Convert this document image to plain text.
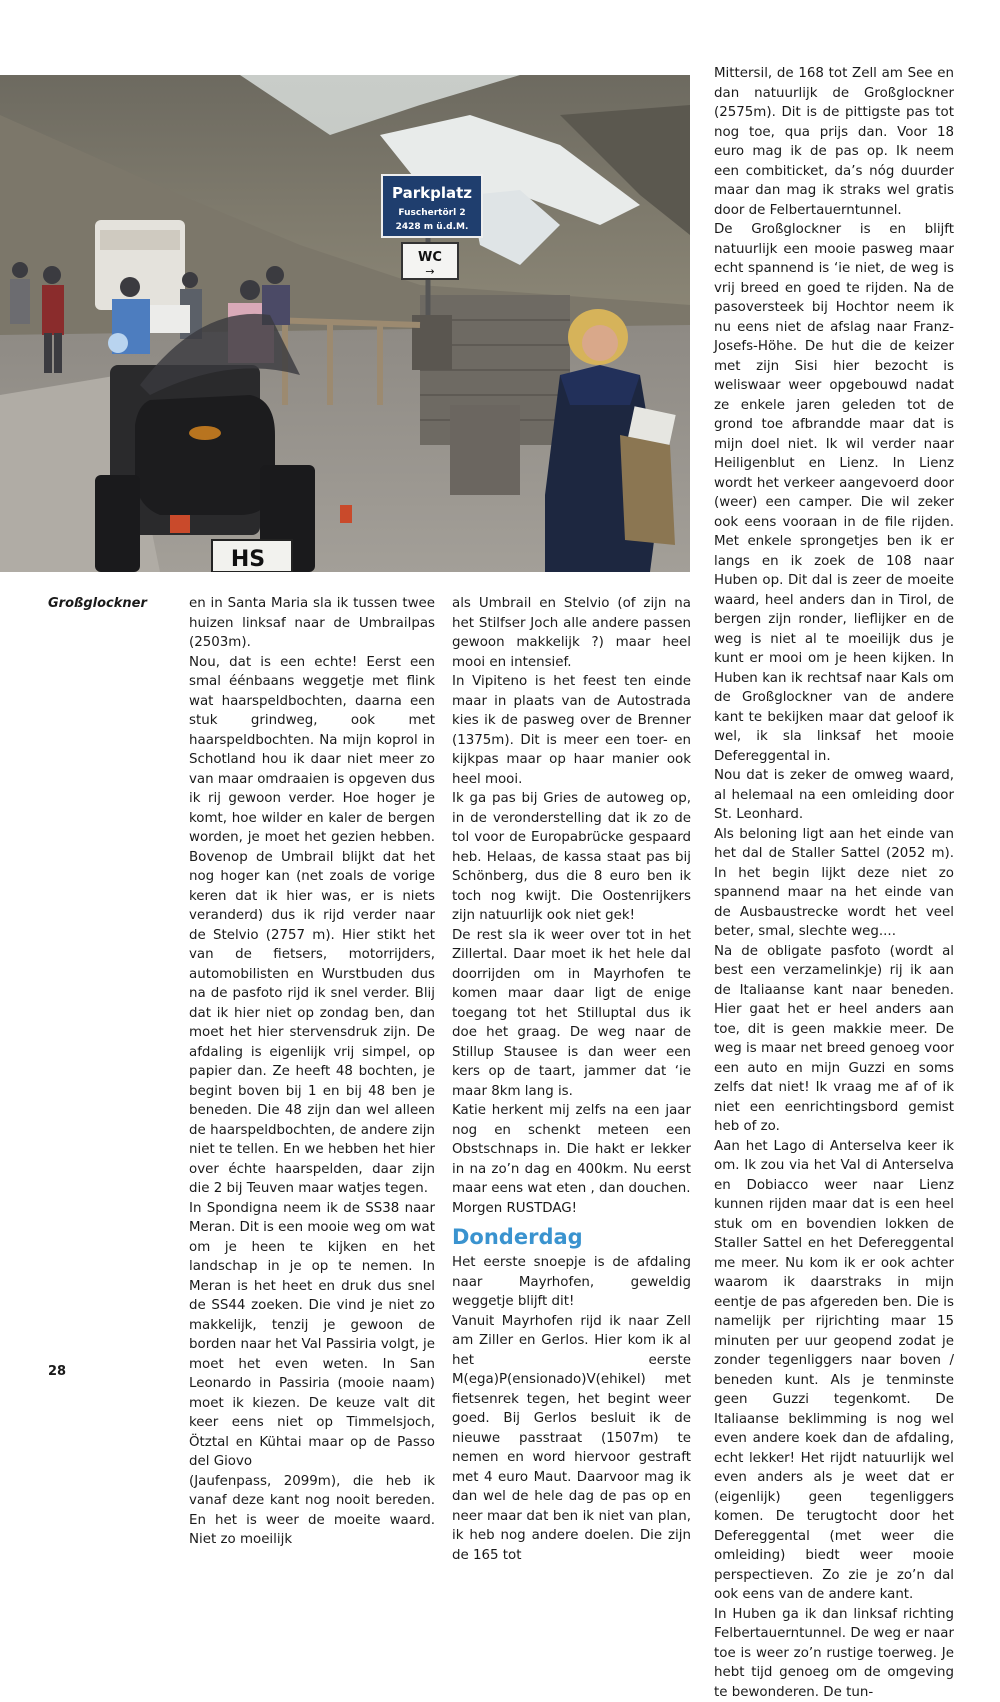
Parkplatz
Fuschertörl 2
2428 m ü.d.M.
WC
→
HS
Großglockner	en in Santa Maria sla ik tussen twee huizen linksaf naar de Umbrailpas (2503m).

Nou, dat is een echte! Eerst een smal éénbaans weggetje met flink wat haarspeldbochten, daarna een stuk grindweg, ook met haarspeldbochten. Na mijn koprol in Schotland hou ik daar niet meer zo van maar omdraaien is opgeven dus ik rij gewoon verder. Hoe hoger je komt, hoe wilder en kaler de bergen worden, je moet het gezien hebben. Bovenop de Umbrail blijkt dat het nog hoger kan (net zoals de vorige keren dat ik hier was, er is niets veranderd) dus ik rijd verder naar de Stelvio (2757 m). Hier stikt het van de fietsers, motorrijders, automobilisten en Wurstbuden dus na de pasfoto rijd ik snel verder. Blij dat ik hier niet op zondag ben, dan moet het hier stervensdruk zijn. De afdaling is eigenlijk vrij simpel, op papier dan. Ze heeft 48 bochten, je begint boven bij 1 en bij 48 ben je beneden. Die 48 zijn dan wel alleen de haarspeldbochten, de andere zijn niet te tellen. En we hebben het hier over échte haarspelden, daar zijn die 2 bij Teuven maar watjes tegen.

In Spondigna neem ik de SS38 naar Meran. Dit is een mooie weg om wat om je heen te kijken en het landschap in je op te nemen. In Meran is het heet en druk dus snel de SS44 zoeken. Die vind je niet zo makkelijk, tenzij je gewoon de borden naar het Val Passiria volgt, je moet het even weten. In San Leonardo in Passiria (mooie naam) moet ik kiezen. De keuze valt dit keer eens niet op Timmelsjoch, Ötztal en Kühtai maar op de Passo del Giovo

(Jaufenpass, 2099m), die heb ik vanaf deze kant nog nooit bereden. En het is weer de moeite waard. Niet zo moeilijk

als Umbrail en Stelvio (of zijn na het Stilfser Joch alle andere passen gewoon makkelijk ?) maar heel mooi en intensief.

In Vipiteno is het feest ten einde maar in plaats van de Autostrada kies ik de pasweg over de Brenner (1375m). Dit is meer een toer- en kijkpas maar op haar manier ook heel mooi.

Ik ga pas bij Gries de autoweg op, in de veronderstelling dat ik zo de tol voor de Europabrücke gespaard heb. Helaas, de kassa staat pas bij Schönberg, dus die 8 euro ben ik toch nog kwijt. Die Oostenrijkers zijn natuurlijk ook niet gek!

De rest sla ik weer over tot in het Zillertal. Daar moet ik het hele dal doorrijden om in Mayrhofen te komen maar daar ligt de enige toegang tot het Stilluptal dus ik doe het graag. De weg naar de Stillup Stausee is dan weer een kers op de taart, jammer dat ‘ie maar 8km lang is.

Katie herkent mij zelfs na een jaar nog en schenkt meteen een Obstschnaps in. Die hakt er lekker in na zo’n dag en 400km. Nu eerst maar eens wat eten , dan douchen.

Morgen RUSTDAG!

Donderdag

Het eerste snoepje is de afdaling naar Mayrhofen, geweldig weggetje blijft dit!

Vanuit Mayrhofen rijd ik naar Zell am Ziller en Gerlos. Hier kom ik al het eerste M(ega)P(ensionado)V(ehikel) met fietsenrek tegen, het begint weer goed. Bij Gerlos besluit ik de nieuwe passtraat (1507m) te nemen en word hiervoor gestraft met 4 euro Maut. Daarvoor mag ik dan wel de hele dag de pas op en neer maar dat ben ik niet van plan, ik heb nog andere doelen. Die zijn de 165 tot

Mittersil, de 168 tot Zell am See en dan natuurlijk de Großglockner (2575m). Dit is de pittigste pas tot nog toe, qua prijs dan. Voor 18 euro mag ik de pas op. Ik neem een combiticket, da’s nóg duurder maar dan mag ik straks wel gratis door de Felbertauerntunnel.

De Großglockner is en blijft natuurlijk een mooie pasweg maar echt spannend is ‘ie niet, de weg is vrij breed en goed te rijden. Na de pasoversteek bij Hochtor neem ik nu eens niet de afslag naar Franz-Josefs-Höhe. De hut die de keizer met zijn Sisi hier bezocht is weliswaar weer opgebouwd nadat ze enkele jaren geleden tot de grond toe afbrandde maar dat is mijn doel niet. Ik wil verder naar Heiligenblut en Lienz. In Lienz wordt het verkeer aangevoerd door (weer) een camper. Die wil zeker ook eens vooraan in de file rijden. Met enkele sprongetjes ben ik er langs en ik zoek de 108 naar Huben op. Dit dal is zeer de moeite waard, heel anders dan in Tirol, de bergen zijn ronder, lieflijker en de weg is niet al te moeilijk dus je kunt er mooi om je heen kijken. In Huben kan ik rechtsaf naar Kals om de Großglockner van de andere kant te bekijken maar dat geloof ik wel, ik sla linksaf het mooie Defereggental in.

Nou dat is zeker de omweg waard, al helemaal na een omleiding door St. Leonhard.

Als beloning ligt aan het einde van het dal de Staller Sattel (2052 m). In het begin lijkt deze niet zo spannend maar na het einde van de Ausbaustrecke wordt het veel beter, smal, slechte weg....

Na de obligate pasfoto (wordt al best een verzamelinkje) rij ik aan de Italiaanse kant naar beneden. Hier gaat het er heel anders aan toe, dit is geen makkie meer. De weg is maar net breed genoeg voor een auto en mijn Guzzi en soms zelfs dat niet! Ik vraag me af of ik niet een eenrichtingsbord gemist heb of zo.

Aan het Lago di Anterselva keer ik om. Ik zou via het Val di Anterselva en Dobiacco weer naar Lienz kunnen rijden maar dat is een heel stuk om en bovendien lokken de Staller Sattel en het Defereggental me meer. Nu kom ik er ook achter waarom ik daarstraks in mijn eentje de pas afgereden ben. Die is namelijk per rijrichting maar 15 minuten per uur geopend zodat je zonder tegenliggers naar boven / beneden kunt. Als je tenminste geen Guzzi tegenkomt. De Italiaanse beklimming is nog wel even andere koek dan de afdaling, echt lekker! Het rijdt natuurlijk wel even anders als je weet dat er (eigenlijk) geen tegenliggers komen. De terugtocht door het Defereggental (met weer die omleiding) biedt weer mooie perspectieven. Zo zie je zo’n dal ook eens van de andere kant.

In Huben ga ik dan linksaf richting Felbertauerntunnel. De weg er naar toe is weer zo’n rustige toerweg. Je hebt tijd genoeg om de omgeving te bewonderen. De tun-

28
